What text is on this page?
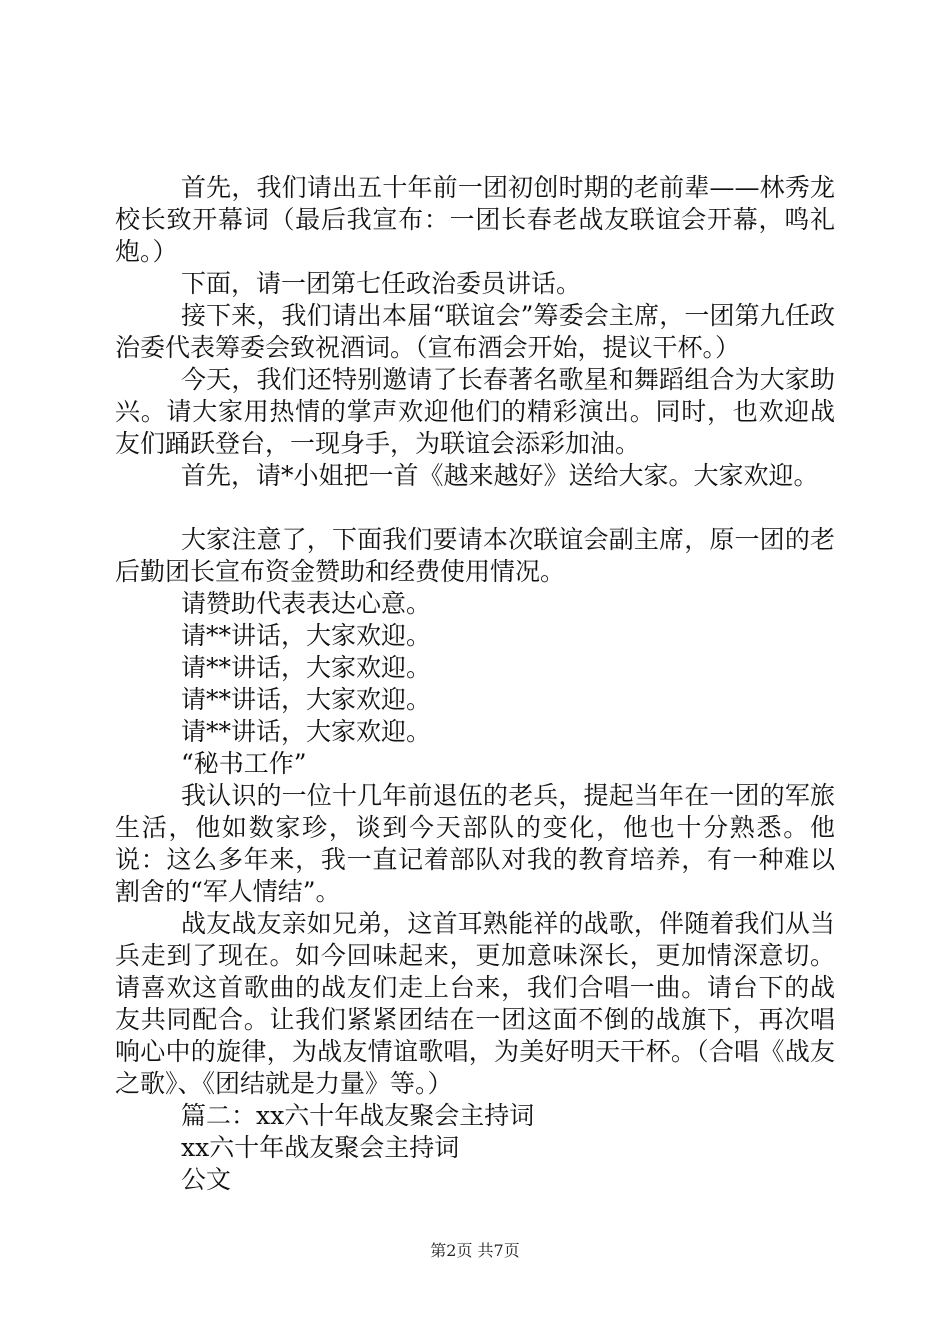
首先，我们请出五十年前一团初创时期的老前辈——林秀龙校长致开幕词（最后我宣布：一团长春老战友联谊会开幕，鸣礼炮。）

下面，请一团第七任政治委员讲话。

接下来，我们请出本届“联谊会”筹委会主席，一团第九任政治委代表筹委会致祝酒词。（宣布酒会开始，提议干杯。）

今天，我们还特别邀请了长春著名歌星和舞蹈组合为大家助兴。请大家用热情的掌声欢迎他们的精彩演出。同时，也欢迎战友们踊跃登台，一现身手，为联谊会添彩加油。

首先，请*小姐把一首《越来越好》送给大家。大家欢迎。

大家注意了，下面我们要请本次联谊会副主席，原一团的老后勤团长宣布资金赞助和经费使用情况。

请赞助代表表达心意。

请**讲话，大家欢迎。

请**讲话，大家欢迎。

请**讲话，大家欢迎。

请**讲话，大家欢迎。

“秘书工作”

我认识的一位十几年前退伍的老兵，提起当年在一团的军旅生活，他如数家珍，谈到今天部队的变化，他也十分熟悉。他说：这么多年来，我一直记着部队对我的教育培养，有一种难以割舍的“军人情结”。

战友战友亲如兄弟，这首耳熟能祥的战歌，伴随着我们从当兵走到了现在。如今回味起来，更加意味深长，更加情深意切。请喜欢这首歌曲的战友们走上台来，我们合唱一曲。请台下的战友共同配合。让我们紧紧团结在一团这面不倒的战旗下，再次唱响心中的旋律，为战友情谊歌唱，为美好明天干杯。（合唱《战友之歌》、《团结就是力量》等。）

篇二：xx六十年战友聚会主持词

xx六十年战友聚会主持词

公文

第2页 共7页
